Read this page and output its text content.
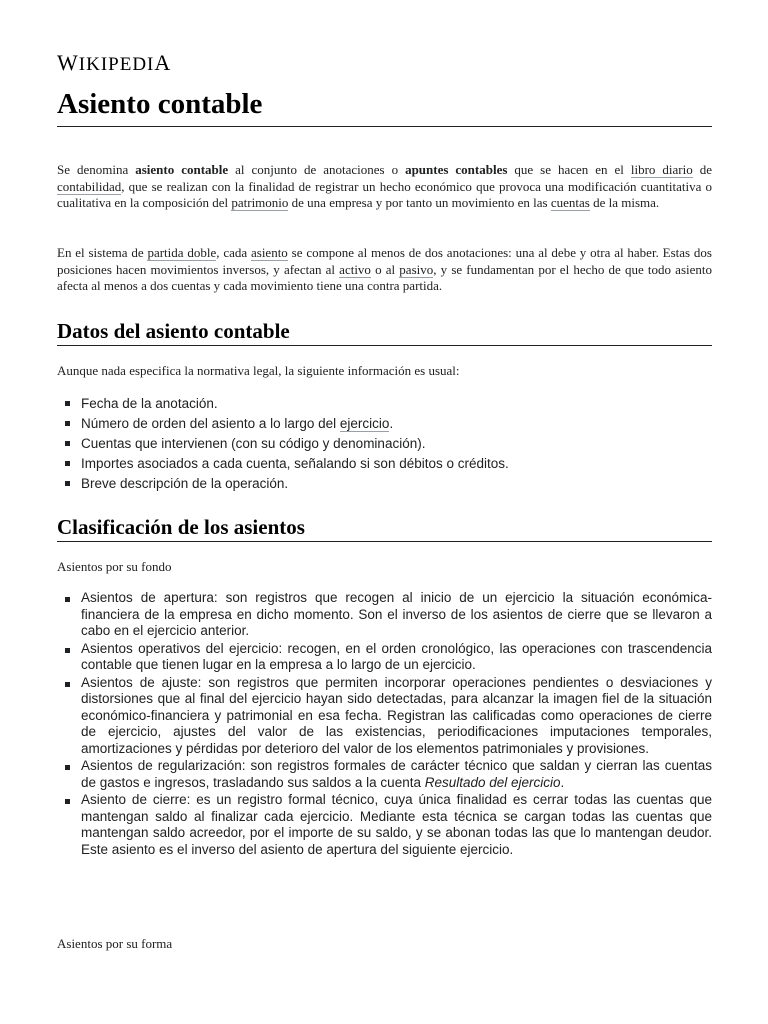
WIKIPEDIA
Asiento contable

Se denomina asiento contable al conjunto de anotaciones o apuntes contables que se hacen en el libro diario de contabilidad, que se realizan con la finalidad de registrar un hecho económico que provoca una modificación cuantitativa o cualitativa en la composición del patrimonio de una empresa y por tanto un movimiento en las cuentas de la misma.

En el sistema de partida doble, cada asiento se compone al menos de dos anotaciones: una al debe y otra al haber. Estas dos posiciones hacen movimientos inversos, y afectan al activo o al pasivo, y se fundamentan por el hecho de que todo asiento afecta al menos a dos cuentas y cada movimiento tiene una contra partida.

Datos del asiento contable
Aunque nada especifica la normativa legal, la siguiente información es usual:
Fecha de la anotación.
Número de orden del asiento a lo largo del ejercicio.
Cuentas que intervienen (con su código y denominación).
Importes asociados a cada cuenta, señalando si son débitos o créditos.
Breve descripción de la operación.
Clasificación de los asientos
Asientos por su fondo
Asientos de apertura: son registros que recogen al inicio de un ejercicio la situación económica-financiera de la empresa en dicho momento. Son el inverso de los asientos de cierre que se llevaron a cabo en el ejercicio anterior.
Asientos operativos del ejercicio: recogen, en el orden cronológico, las operaciones con trascendencia contable que tienen lugar en la empresa a lo largo de un ejercicio.
Asientos de ajuste: son registros que permiten incorporar operaciones pendientes o desviaciones y distorsiones que al final del ejercicio hayan sido detectadas, para alcanzar la imagen fiel de la situación económico-financiera y patrimonial en esa fecha. Registran las calificadas como operaciones de cierre de ejercicio, ajustes del valor de las existencias, periodificaciones imputaciones temporales, amortizaciones y pérdidas por deterioro del valor de los elementos patrimoniales y provisiones.
Asientos de regularización: son registros formales de carácter técnico que saldan y cierran las cuentas de gastos e ingresos, trasladando sus saldos a la cuenta Resultado del ejercicio.
Asiento de cierre: es un registro formal técnico, cuya única finalidad es cerrar todas las cuentas que mantengan saldo al finalizar cada ejercicio. Mediante esta técnica se cargan todas las cuentas que mantengan saldo acreedor, por el importe de su saldo, y se abonan todas las que lo mantengan deudor. Este asiento es el inverso del asiento de apertura del siguiente ejercicio.
Asientos por su forma
